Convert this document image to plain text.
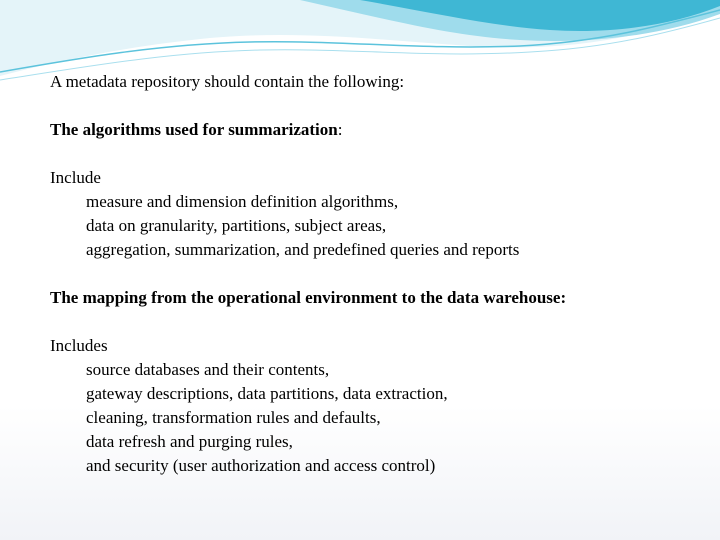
A metadata repository should contain the following:
The algorithms used for summarization:
Include
measure and dimension definition algorithms,
data on granularity, partitions, subject areas,
aggregation, summarization, and predefined queries and reports
The mapping from the operational environment to the data warehouse:
Includes
source databases and their contents,
gateway descriptions, data partitions, data extraction,
cleaning, transformation rules and defaults,
data refresh and purging rules,
and security (user authorization and access control)
